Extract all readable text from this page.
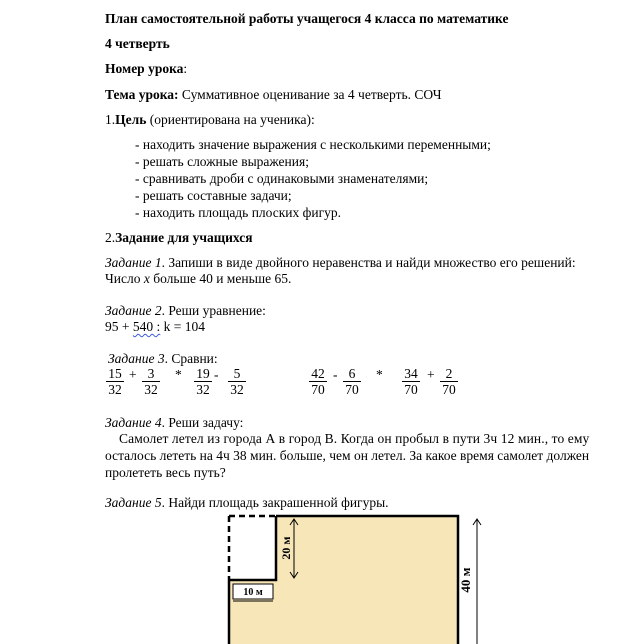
План самостоятельной работы учащегося 4 класса по математике
4 четверть
Номер урока:
Тема урока: Суммативное оценивание за 4 четверть. СОЧ
1.Цель (ориентирована на ученика):
- находить значение выражения с несколькими переменными;
- решать сложные выражения;
- сравнивать дроби с одинаковыми знаменателями;
- решать составные задачи;
- находить площадь плоских фигур.
2.Задание для учащихся
Задание 1. Запиши в виде двойного неравенства и найди множество его решений:
Число х больше 40 и меньше 65.
Задание 2. Реши уравнение:
95 + 540 : k = 104
Задание 3. Сравни:
$\frac{15}{32} + \frac{3}{32} * \frac{19}{32} - \frac{5}{32}$	$\frac{42}{70} - \frac{6}{70} * \frac{34}{70} + \frac{2}{70}$
Задание 4. Реши задачу:
Самолет летел из города А в город В. Когда он пробыл в пути 3ч 12 мин., то ему
осталось лететь на 4ч 38 мин. больше, чем он летел. За какое время самолет должен
пролететь весь путь?
Задание 5. Найди площадь закрашенной фигуры.
20 м
10 м	40 м
